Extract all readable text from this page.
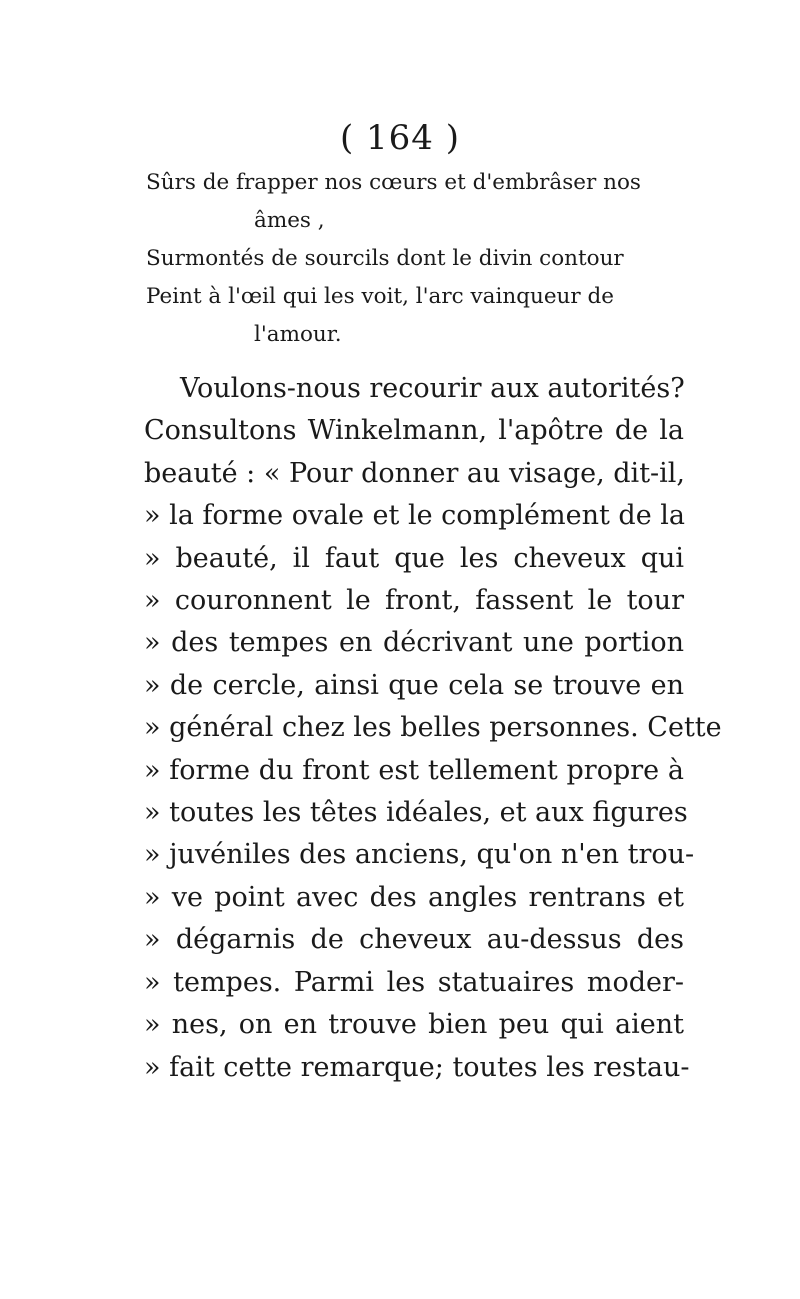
( 164 )
Sûrs de frapper nos cœurs et d'embrâser nos
âmes ,
Surmontés de sourcils dont le divin contour
Peint à l'œil qui les voit, l'arc vainqueur de
l'amour.
Voulons-nous recourir aux autorités?
Consultons Winkelmann, l'apôtre de la
beauté : « Pour donner au visage, dit-il,
» la forme ovale et le complément de la
» beauté, il faut que les cheveux qui
» couronnent le front, fassent le tour
» des tempes en décrivant une portion
» de cercle, ainsi que cela se trouve en
» général chez les belles personnes. Cette
» forme du front est tellement propre à
» toutes les têtes idéales, et aux figures
» juvéniles des anciens, qu'on n'en trou-
» ve point avec des angles rentrans et
» dégarnis de cheveux au-dessus des
» tempes. Parmi les statuaires moder-
» nes, on en trouve bien peu qui aient
» fait cette remarque; toutes les restau-
